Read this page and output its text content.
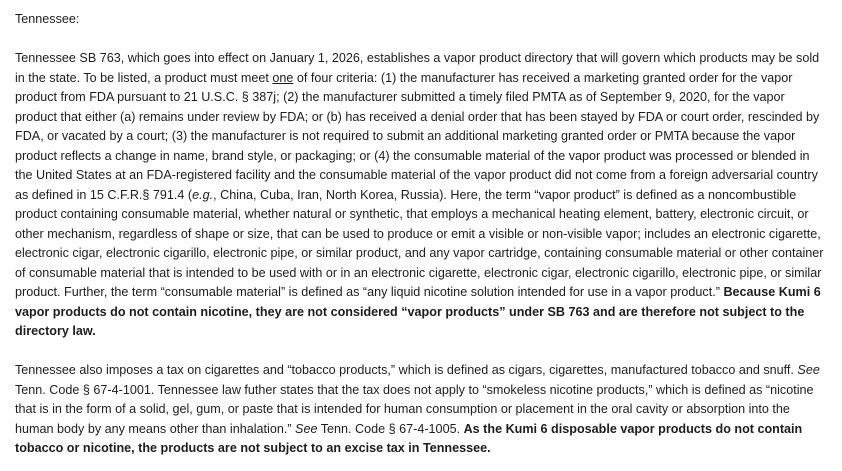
Tennessee:

Tennessee SB 763, which goes into effect on January 1, 2026, establishes a vapor product directory that will govern which products may be sold in the state. To be listed, a product must meet one of four criteria: (1) the manufacturer has received a marketing granted order for the vapor product from FDA pursuant to 21 U.S.C. § 387j; (2) the manufacturer submitted a timely filed PMTA as of September 9, 2020, for the vapor product that either (a) remains under review by FDA; or (b) has received a denial order that has been stayed by FDA or court order, rescinded by FDA, or vacated by a court; (3) the manufacturer is not required to submit an additional marketing granted order or PMTA because the vapor product reflects a change in name, brand style, or packaging; or (4) the consumable material of the vapor product was processed or blended in the United States at an FDA-registered facility and the consumable material of the vapor product did not come from a foreign adversarial country as defined in 15 C.F.R.§ 791.4 (e.g., China, Cuba, Iran, North Korea, Russia). Here, the term “vapor product” is defined as a noncombustible product containing consumable material, whether natural or synthetic, that employs a mechanical heating element, battery, electronic circuit, or other mechanism, regardless of shape or size, that can be used to produce or emit a visible or non-visible vapor; includes an electronic cigarette, electronic cigar, electronic cigarillo, electronic pipe, or similar product, and any vapor cartridge, containing consumable material or other container of consumable material that is intended to be used with or in an electronic cigarette, electronic cigar, electronic cigarillo, electronic pipe, or similar product. Further, the term “consumable material” is defined as “any liquid nicotine solution intended for use in a vapor product.” Because Kumi 6 vapor products do not contain nicotine, they are not considered “vapor products” under SB 763 and are therefore not subject to the directory law.

Tennessee also imposes a tax on cigarettes and “tobacco products,” which is defined as cigars, cigarettes, manufactured tobacco and snuff. See Tenn. Code § 67-4-1001. Tennessee law futher states that the tax does not apply to “smokeless nicotine products,” which is defined as “nicotine that is in the form of a solid, gel, gum, or paste that is intended for human consumption or placement in the oral cavity or absorption into the human body by any means other than inhalation.” See Tenn. Code § 67-4-1005. As the Kumi 6 disposable vapor products do not contain tobacco or nicotine, the products are not subject to an excise tax in Tennessee.
